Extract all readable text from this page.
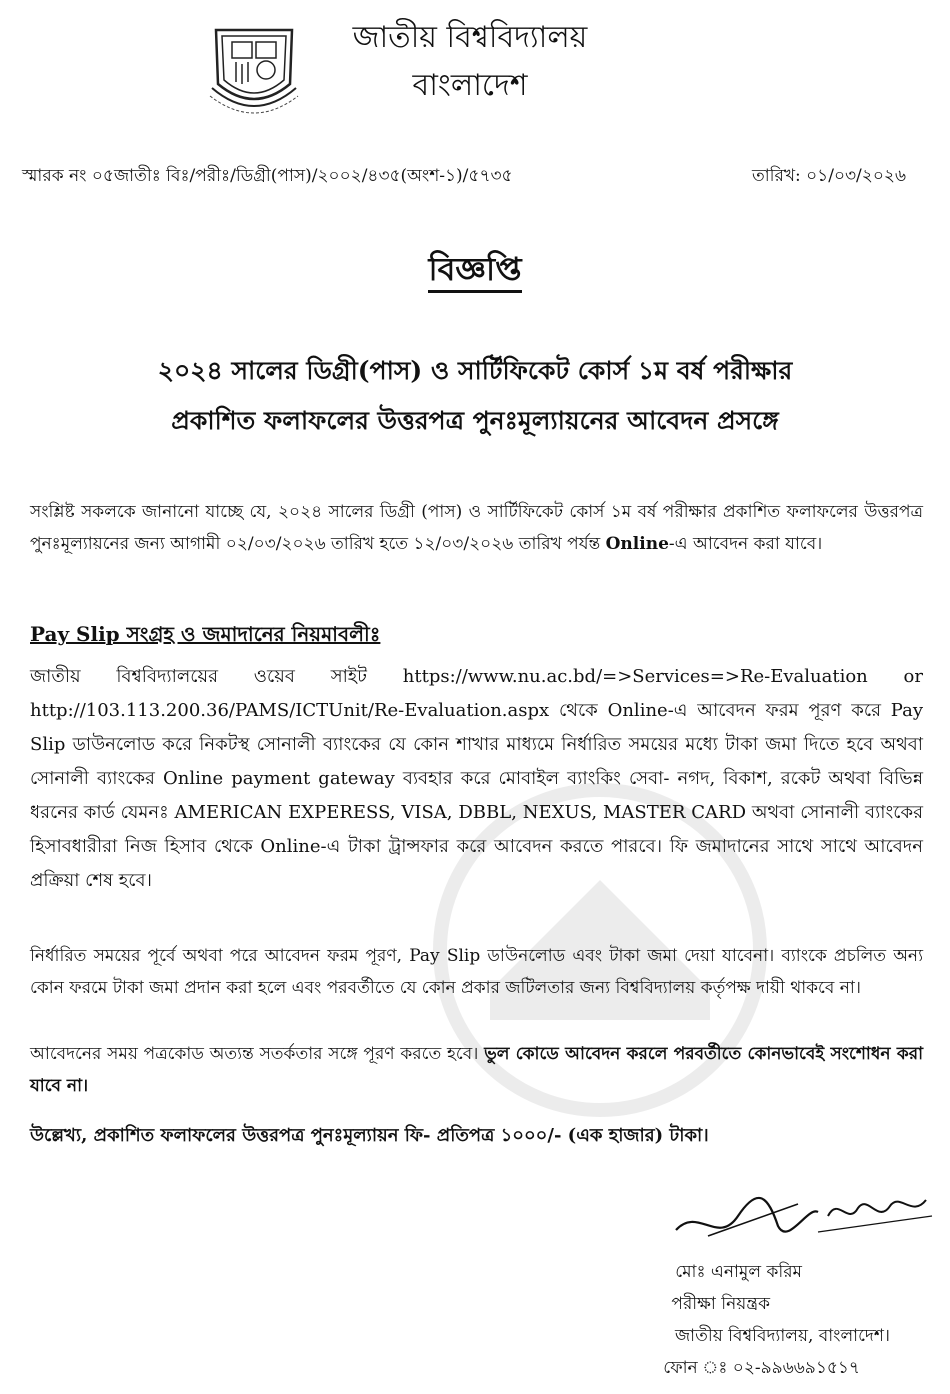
জাতীয় বিশ্ববিদ্যালয়
বাংলাদেশ
স্মারক নং ০৫জাতীঃ বিঃ/পরীঃ/ডিগ্রী(পাস)/২০০২/৪৩৫(অংশ-১)/৫৭৩৫	তারিখ: ০১/০৩/২০২৬
বিজ্ঞপ্তি
২০২৪ সালের ডিগ্রী(পাস) ও সার্টিফিকেট কোর্স ১ম বর্ষ পরীক্ষার
প্রকাশিত ফলাফলের উত্তরপত্র পুনঃমূল্যায়নের আবেদন প্রসঙ্গে
সংশ্লিষ্ট সকলকে জানানো যাচ্ছে যে, ২০২৪ সালের ডিগ্রী (পাস) ও সার্টিফিকেট কোর্স ১ম বর্ষ পরীক্ষার প্রকাশিত ফলাফলের উত্তরপত্র পুনঃমূল্যায়নের জন্য আগামী ০২/০৩/২০২৬ তারিখ হতে ১২/০৩/২০২৬ তারিখ পর্যন্ত Online-এ আবেদন করা যাবে।
Pay Slip সংগ্রহ ও জমাদানের নিয়মাবলীঃ
জাতীয় বিশ্ববিদ্যালয়ের ওয়েব সাইট https://www.nu.ac.bd/=>Services=>Re-Evaluation or http://103.113.200.36/PAMS/ICTUnit/Re-Evaluation.aspx থেকে Online-এ আবেদন ফরম পূরণ করে Pay Slip ডাউনলোড করে নিকটস্থ সোনালী ব্যাংকের যে কোন শাখার মাধ্যমে নির্ধারিত সময়ের মধ্যে টাকা জমা দিতে হবে অথবা সোনালী ব্যাংকের Online payment gateway ব্যবহার করে মোবাইল ব্যাংকিং সেবা- নগদ, বিকাশ, রকেট অথবা বিভিন্ন ধরনের কার্ড যেমনঃ AMERICAN EXPERESS, VISA, DBBL, NEXUS, MASTER CARD অথবা সোনালী ব্যাংকের হিসাবধারীরা নিজ হিসাব থেকে Online-এ টাকা ট্রান্সফার করে আবেদন করতে পারবে। ফি জমাদানের সাথে সাথে আবেদন প্রক্রিয়া শেষ হবে।
নির্ধারিত সময়ের পূর্বে অথবা পরে আবেদন ফরম পূরণ, Pay Slip ডাউনলোড এবং টাকা জমা দেয়া যাবেনা। ব্যাংকে প্রচলিত অন্য কোন ফরমে টাকা জমা প্রদান করা হলে এবং পরবর্তীতে যে কোন প্রকার জটিলতার জন্য বিশ্ববিদ্যালয় কর্তৃপক্ষ দায়ী থাকবে না।
আবেদনের সময় পত্রকোড অত্যন্ত সতর্কতার সঙ্গে পূরণ করতে হবে। ভুল কোডে আবেদন করলে পরবর্তীতে কোনভাবেই সংশোধন করা যাবে না।
উল্লেখ্য, প্রকাশিত ফলাফলের উত্তরপত্র পুনঃমূল্যায়ন ফি- প্রতিপত্র ১০০০/- (এক হাজার) টাকা।
মোঃ এনামুল করিম
পরীক্ষা নিয়ন্ত্রক
জাতীয় বিশ্ববিদ্যালয়, বাংলাদেশ।
ফোন ঃ ০২-৯৯৬৬৯১৫১৭
